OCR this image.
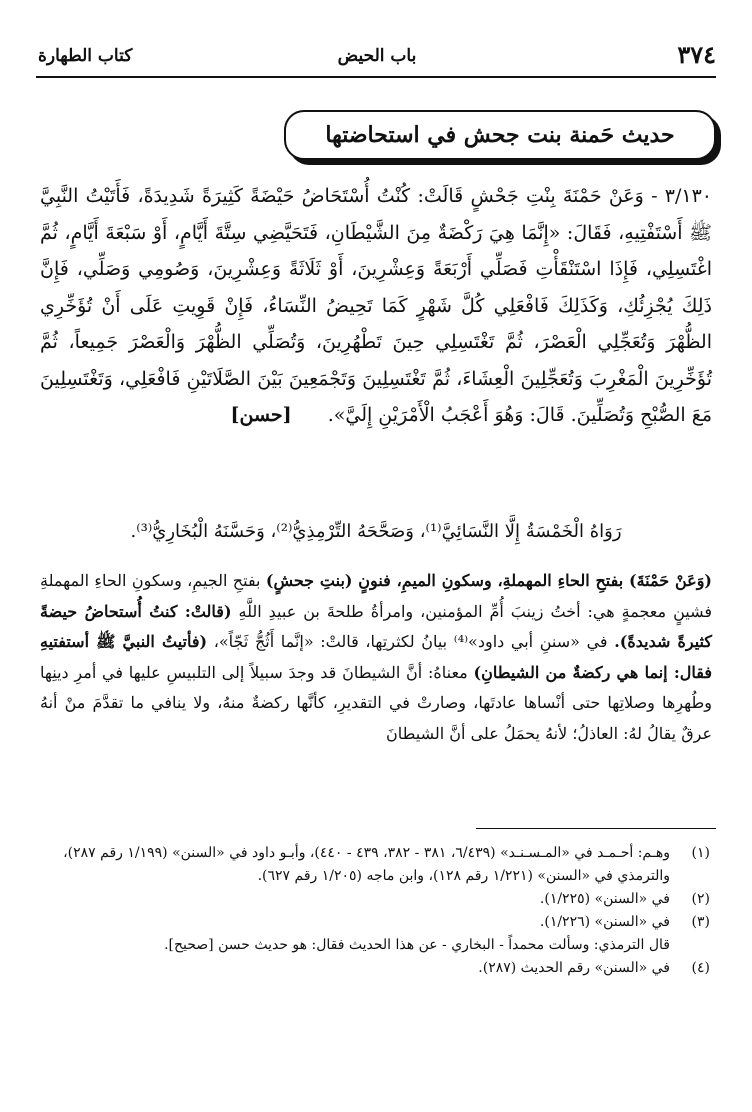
٣٧٤
باب الحيض
كتاب الطهارة
حديث حَمنة بنت جحش في استحاضتها
٣/١٣٠ - وَعَنْ حَمْنَةَ بِنْتِ جَحْشٍ قَالَتْ: كُنْتُ أُسْتَحَاضُ حَيْضَةً كَثِيرَةً شَدِيدَةً، فَأَتَيْتُ النَّبِيَّ ﷺ أَسْتَفْتِيهِ، فَقَالَ: «إِنَّمَا هِيَ رَكْضَةٌ مِنَ الشَّيْطَانِ، فَتَحَيَّضِي سِتَّةَ أَيَّامٍ، أَوْ سَبْعَةَ أَيَّامٍ، ثُمَّ اغْتَسِلِي، فَإِذَا اسْتَنْقَأْتِ فَصَلِّي أَرْبَعَةً وَعِشْرِينَ، أَوْ ثَلَاثَةً وَعِشْرِينَ، وَصُومِي وَصَلِّي، فَإِنَّ ذَلِكَ يُجْزِئُكِ، وَكَذَلِكَ فَافْعَلِي كُلَّ شَهْرٍ كَمَا تَحِيضُ النِّسَاءُ، فَإِنْ قَوِيتِ عَلَى أَنْ تُؤَخِّرِي الظُّهْرَ وَتُعَجِّلِي الْعَصْرَ، ثُمَّ تَغْتَسِلِي حِينَ تَطْهُرِينَ، وَتُصَلِّي الظُّهْرَ وَالْعَصْرَ جَمِيعاً، ثُمَّ تُؤَخِّرِينَ الْمَغْرِبَ وَتُعَجِّلِينَ الْعِشَاءَ، ثُمَّ تَغْتَسِلِينَ وَتَجْمَعِينَ بَيْنَ الصَّلَاتَيْنِ فَافْعَلِي، وَتَغْتَسِلِينَ مَعَ الصُّبْحِ وَتُصَلِّينَ. قَالَ: وَهُوَ أَعْجَبُ الْأَمْرَيْنِ إِلَيَّ». [حسن]
رَوَاهُ الْخَمْسَةُ إِلَّا النَّسَائِيَّ⁽¹⁾، وَصَحَّحَهُ التِّرْمِذِيُّ⁽²⁾، وَحَسَّنَهُ الْبُخَارِيُّ⁽³⁾.
(وَعَنْ حَمْنَةَ) بفتحِ الحاءِ المهملةِ، وسكونِ الميمِ، فنونٍ (بنتِ جحشٍ) بفتحِ الجيمِ، وسكونِ الحاءِ المهملةِ فشينٍ معجمةٍ هي: أختُ زينبَ أُمِّ المؤمنين، وامرأةُ طلحةَ بن عبيدِ اللَّهِ (قالتْ: كنتُ أُستحاضُ حيضةً كثيرةً شديدةً). في «سننِ أبي داود»⁽⁴⁾ بيانُ لكثرتِها، قالتْ: «إنَّما أَثُجُّ ثَجّاً»، (فأتيتُ النبيَّ ﷺ أستفتيهِ فقال: إنما هي ركضةٌ من الشيطانِ) معناهُ: أنَّ الشيطانَ قد وجدَ سبيلاً إلى التلبيسِ عليها في أمرِ دينِها وطُهرِها وصلاتِها حتى أنْساها عادتَها، وصارتْ في التقديرِ، كأنَّها ركضةٌ منهُ، ولا ينافي ما تقدَّمَ منْ أنهُ عرقٌ يقالُ لهُ: العاذلُ؛ لأنهُ يحمَلُ على أنَّ الشيطانَ
(١)
وهـم: أحـمـد في «المـسـنـد» (٦/٤٣٩، ٣٨١ - ٣٨٢، ٤٣٩ - ٤٤٠)، وأبـو داود في «السنن» (١/١٩٩ رقم ٢٨٧)، والترمذي في «السنن» (١/٢٢١ رقم ١٢٨)، وابن ماجه (١/٢٠٥ رقم ٦٢٧).
(٢)
في «السنن» (١/٢٢٥).
(٣)
في «السنن» (١/٢٢٦).
قال الترمذي: وسألت محمداً - البخاري - عن هذا الحديث فقال: هو حديث حسن [صحيح].
(٤)
في «السنن» رقم الحديث (٢٨٧).
